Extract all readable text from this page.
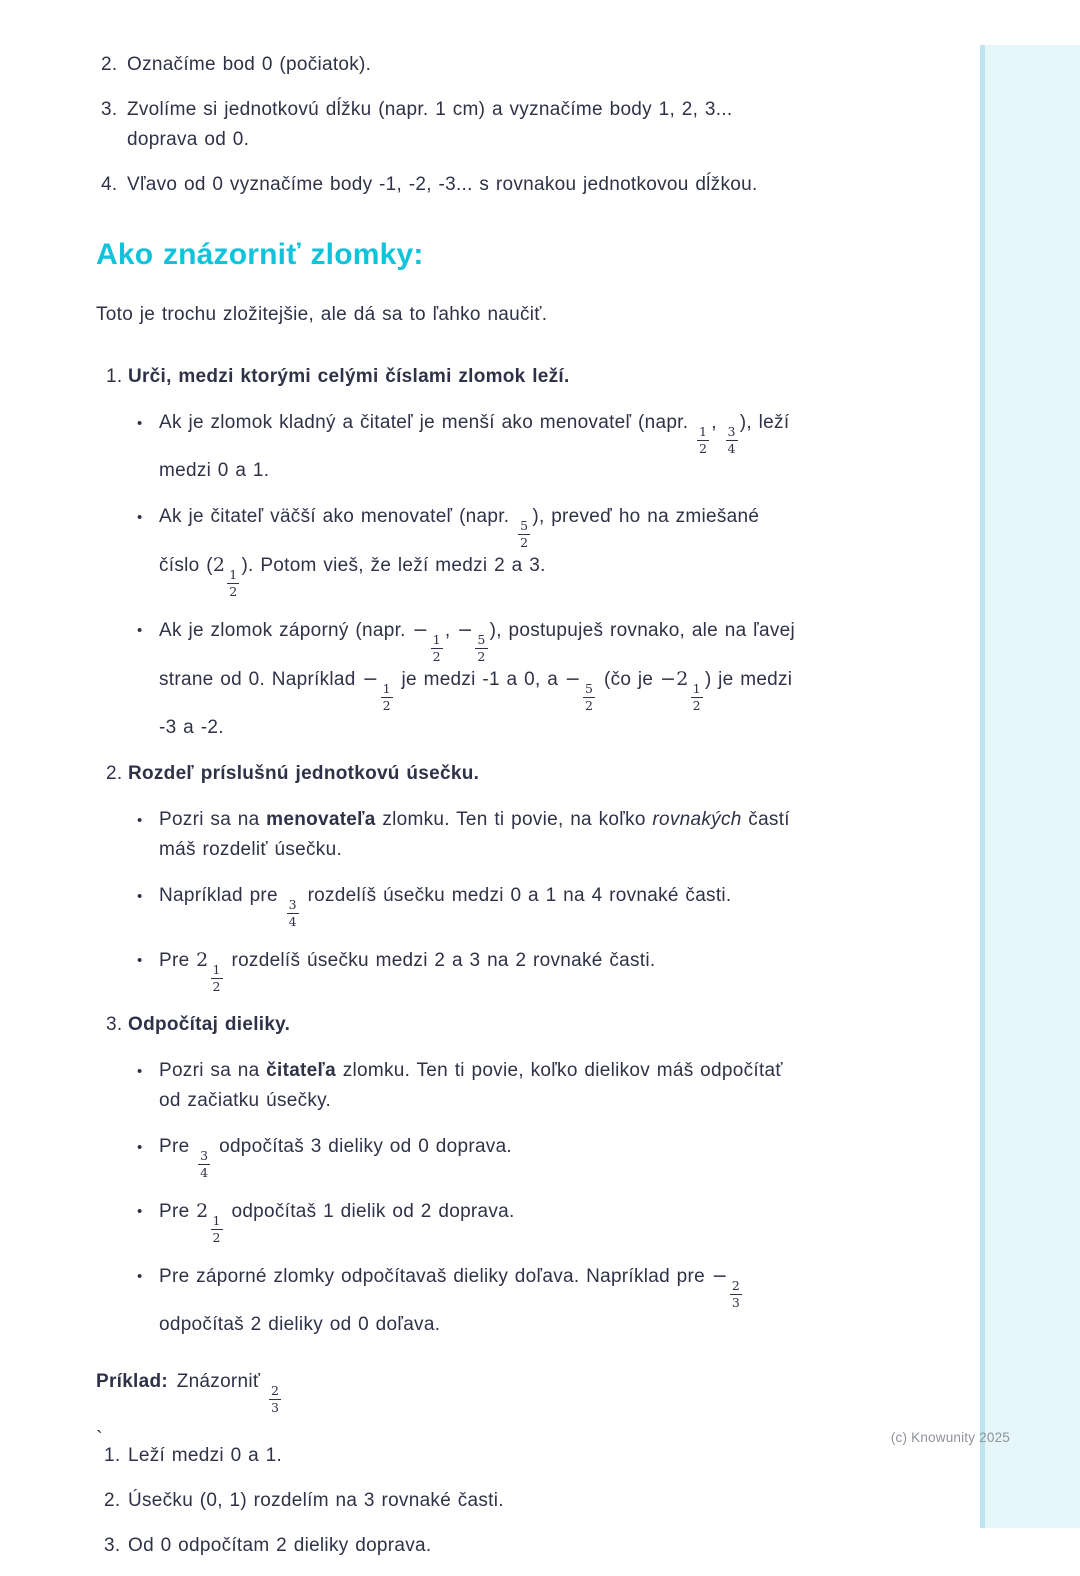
2. Označíme bod 0 (počiatok).
3. Zvolíme si jednotkovú dĺžku (napr. 1 cm) a vyznačíme body 1, 2, 3... doprava od 0.
4. Vľavo od 0 vyznačíme body -1, -2, -3... s rovnakou jednotkovou dĺžkou.
Ako znázorniť zlomky:

Toto je trochu zložitejšie, ale dá sa to ľahko naučiť.

1. Urči, medzi ktorými celými číslami zlomok leží.
• Ak je zlomok kladný a čitateľ je menší ako menovateľ (napr.
$\frac{1}{2}$
,
$\frac{3}{4}$
), leží medzi 0 a 1.
• Ak je čitateľ väčší ako menovateľ (napr.
$\frac{5}{2}$
), preveď ho na zmiešané číslo (2
$\frac{1}{2}$
). Potom vieš, že leží medzi 2 a 3.
• Ak je zlomok záporný (napr. −
$\frac{1}{2}$
, −
$\frac{5}{2}$
), postupuješ rovnako, ale na ľavej strane od 0. Napríklad −
$\frac{1}{2}$
je medzi -1 a 0, a −
$\frac{5}{2}$
(čo je −2
$\frac{1}{2}$
) je medzi -3 a -2.
2. Rozdeľ príslušnú jednotkovú úsečku.
• Pozri sa na menovateľa zlomku. Ten ti povie, na koľko rovnakých častí máš rozdeliť úsečku.
• Napríklad pre
$\frac{3}{4}$
rozdelíš úsečku medzi 0 a 1 na 4 rovnaké časti.
• Pre 2
$\frac{1}{2}$
rozdelíš úsečku medzi 2 a 3 na 2 rovnaké časti.
3. Odpočítaj dieliky.
• Pozri sa na čitateľa zlomku. Ten ti povie, koľko dielikov máš odpočítať od začiatku úsečky.
• Pre
$\frac{3}{4}$
odpočítaš 3 dieliky od 0 doprava.
• Pre 2
$\frac{1}{2}$
odpočítaš 1 dielik od 2 doprava.
• Pre záporné zlomky odpočítavaš dieliky doľava. Napríklad pre −
$\frac{2}{3}$
odpočítaš 2 dieliky od 0 doľava.

Príklad: Znázorniť
$\frac{2}{3}$

1. Leží medzi 0 a 1.
2. Úsečku (0, 1) rozdelím na 3 rovnaké časti.
3. Od 0 odpočítam 2 dieliky doprava.
(c) Knowunity 2025
`
